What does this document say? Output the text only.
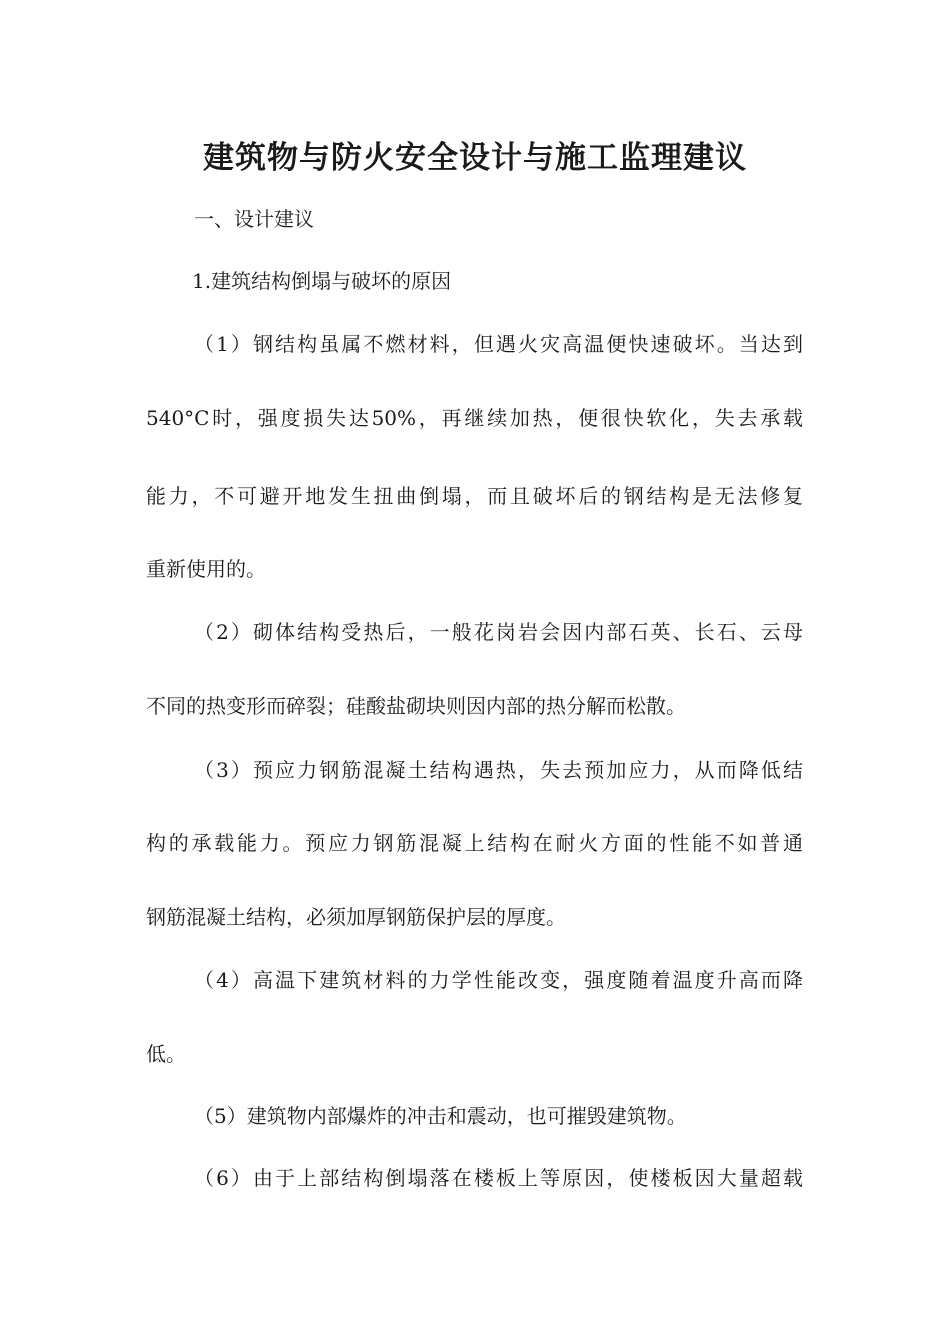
建筑物与防火安全设计与施工监理建议

一、设计建议

1.建筑结构倒塌与破坏的原因

（1）钢结构虽属不燃材料，但遇火灾高温便快速破坏。当达到

540°C时，强度损失达50%，再继续加热，便很快软化，失去承载

能力，不可避开地发生扭曲倒塌，而且破坏后的钢结构是无法修复

重新使用的。

（2）砌体结构受热后，一般花岗岩会因内部石英、长石、云母

不同的热变形而碎裂；硅酸盐砌块则因内部的热分解而松散。

（3）预应力钢筋混凝土结构遇热，失去预加应力，从而降低结

构的承载能力。预应力钢筋混凝上结构在耐火方面的性能不如普通

钢筋混凝土结构，必须加厚钢筋保护层的厚度。

（4）高温下建筑材料的力学性能改变，强度随着温度升高而降

低。

（5）建筑物内部爆炸的冲击和震动，也可摧毁建筑物。

（6）由于上部结构倒塌落在楼板上等原因，使楼板因大量超载
